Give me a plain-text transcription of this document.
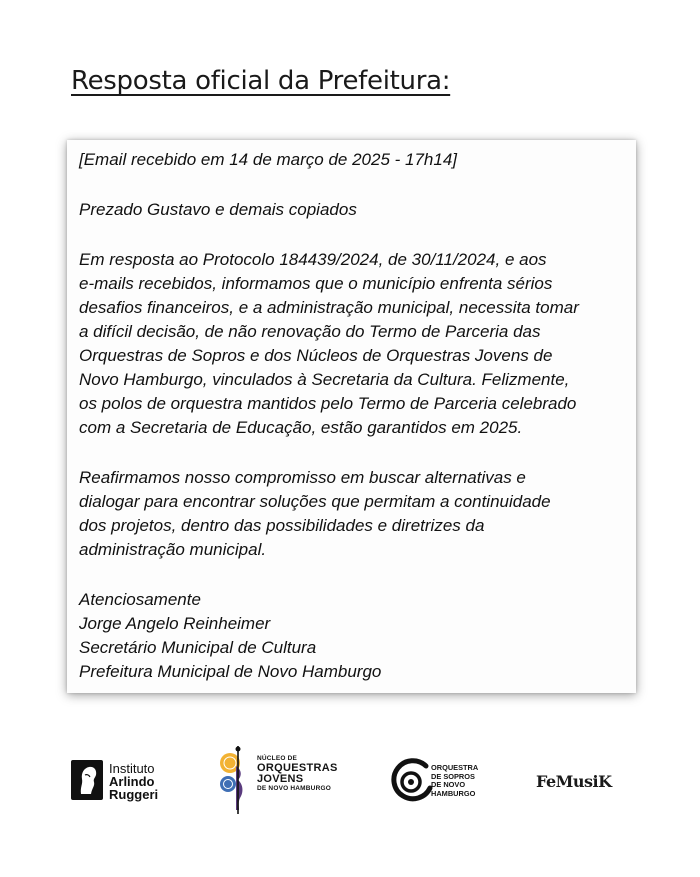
Resposta oficial da Prefeitura:

[Email recebido em 14 de março de 2025 - 17h14]

Prezado Gustavo e demais copiados

Em resposta ao Protocolo 184439/2024, de 30/11/2024, e aos

e-mails recebidos, informamos que o município enfrenta sérios

desafios financeiros, e a administração municipal, necessita tomar

a difícil decisão, de não renovação do Termo de Parceria das

Orquestras de Sopros e dos Núcleos de Orquestras Jovens de

Novo Hamburgo, vinculados à Secretaria da Cultura. Felizmente,

os polos de orquestra mantidos pelo Termo de Parceria celebrado

com a Secretaria de Educação, estão garantidos em 2025.

Reafirmamos nosso compromisso em buscar alternativas e

dialogar para encontrar soluções que permitam a continuidade

dos projetos, dentro das possibilidades e diretrizes da

administração municipal.

Atenciosamente

Jorge Angelo Reinheimer

Secretário Municipal de Cultura

Prefeitura Municipal de Novo Hamburgo

Instituto
Arlindo
Ruggeri
NÚCLEO DE
ORQUESTRAS
JOVENS
DE NOVO HAMBURGO
ORQUESTRA
DE SOPROS
DE NOVO
HAMBURGO
FeMusiK
